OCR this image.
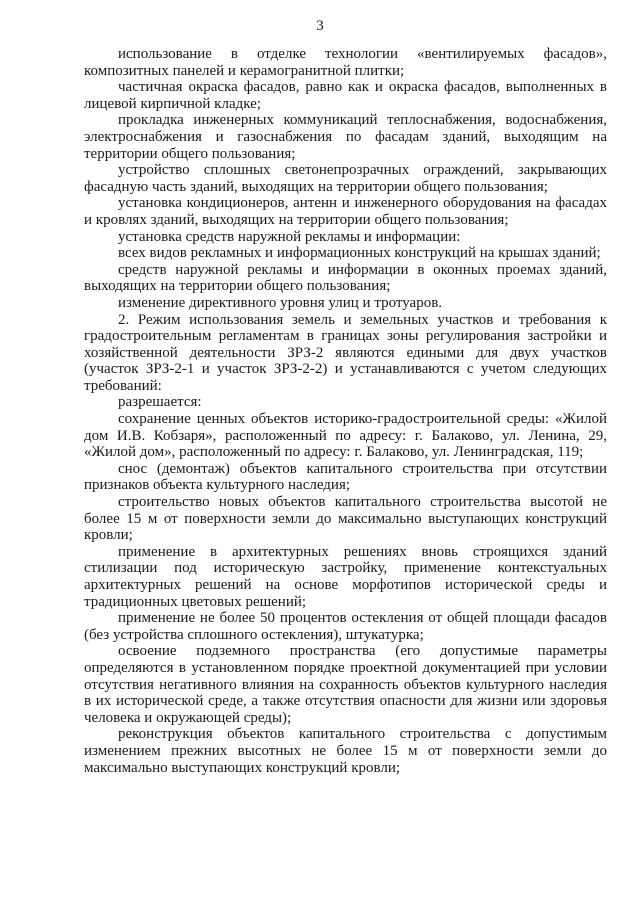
3

использование в отделке технологии «вентилируемых фасадов», композитных панелей и керамогранитной плитки;

частичная окраска фасадов, равно как и окраска фасадов, выполненных в лицевой кирпичной кладке;

прокладка инженерных коммуникаций теплоснабжения, водоснабжения, электроснабжения и газоснабжения по фасадам зданий, выходящим на территории общего пользования;

устройство сплошных светонепрозрачных ограждений, закрывающих фасадную часть зданий, выходящих на территории общего пользования;

установка кондиционеров, антенн и инженерного оборудования на фасадах и кровлях зданий, выходящих на территории общего пользования;

установка средств наружной рекламы и информации:

всех видов рекламных и информационных конструкций на крышах зданий;

средств наружной рекламы и информации в оконных проемах зданий, выходящих на территории общего пользования;

изменение директивного уровня улиц и тротуаров.

2. Режим использования земель и земельных участков и требования к градостроительным регламентам в границах зоны регулирования застройки и хозяйственной деятельности ЗРЗ-2 являются едиными для двух участков (участок ЗРЗ-2-1 и участок ЗРЗ-2-2) и устанавливаются с учетом следующих требований:

разрешается:

сохранение ценных объектов историко-градостроительной среды: «Жилой дом И.В. Кобзаря», расположенный по адресу: г. Балаково, ул. Ленина, 29, «Жилой дом», расположенный по адресу: г. Балаково, ул. Ленинградская, 119;

снос (демонтаж) объектов капитального строительства при отсутствии признаков объекта культурного наследия;

строительство новых объектов капитального строительства высотой не более 15 м от поверхности земли до максимально выступающих конструкций кровли;

применение в архитектурных решениях вновь строящихся зданий стилизации под историческую застройку, применение контекстуальных архитектурных решений на основе морфотипов исторической среды и традиционных цветовых решений;

применение не более 50 процентов остекления от общей площади фасадов (без устройства сплошного остекления), штукатурка;

освоение подземного пространства (его допустимые параметры определяются в установленном порядке проектной документацией при условии отсутствия негативного влияния на сохранность объектов культурного наследия в их исторической среде, а также отсутствия опасности для жизни или здоровья человека и окружающей среды);

реконструкция объектов капитального строительства с допустимым изменением прежних высотных не более 15 м от поверхности земли до максимально выступающих конструкций кровли;
